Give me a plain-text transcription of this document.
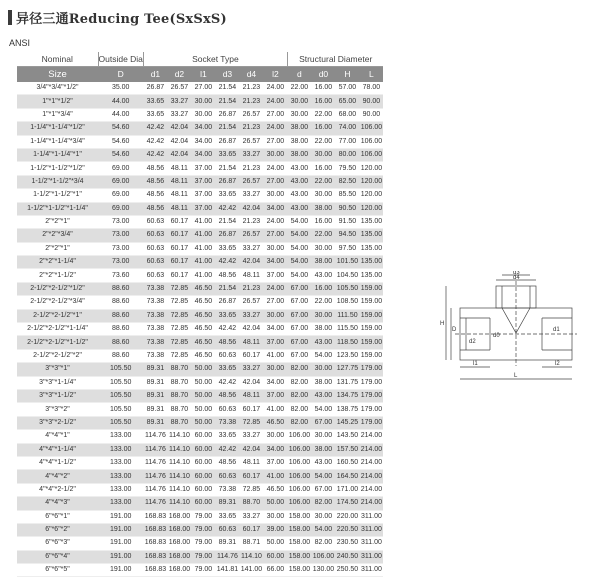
异径三通Reducing Tee(SxSxS)
ANSI
Nominal	Outside Dia	Socket Type						Structural Diameter			
Size	D	d1	d2	l1	d3	d4	l2	d	d0	H	L
3/4"*3/4"*1/2"	35.00	26.87	26.57	27.00	21.54	21.23	24.00	22.00	16.00	57.00	78.00
1"*1"*1/2"	44.00	33.65	33.27	30.00	21.54	21.23	24.00	30.00	16.00	65.00	90.00
1"*1"*3/4"	44.00	33.65	33.27	30.00	26.87	26.57	27.00	30.00	22.00	68.00	90.00
1-1/4"*1-1/4"*1/2"	54.60	42.42	42.04	34.00	21.54	21.23	24.00	38.00	16.00	74.00	106.00
1-1/4"*1-1/4"*3/4"	54.60	42.42	42.04	34.00	26.87	26.57	27.00	38.00	22.00	77.00	106.00
1-1/4"*1-1/4"*1"	54.60	42.42	42.04	34.00	33.65	33.27	30.00	38.00	30.00	80.00	106.00
1-1/2"*1-1/2"*1/2"	69.00	48.56	48.11	37.00	21.54	21.23	24.00	43.00	16.00	79.50	120.00
1-1/2"*1-1/2"*3/4	69.00	48.56	48.11	37.00	26.87	26.57	27.00	43.00	22.00	82.50	120.00
1-1/2"*1-1/2"*1"	69.00	48.56	48.11	37.00	33.65	33.27	30.00	43.00	30.00	85.50	120.00
1-1/2"*1-1/2"*1-1/4"	69.00	48.56	48.11	37.00	42.42	42.04	34.00	43.00	38.00	90.50	120.00
2"*2"*1"	73.00	60.63	60.17	41.00	21.54	21.23	24.00	54.00	16.00	91.50	135.00
2"*2"*3/4"	73.00	60.63	60.17	41.00	26.87	26.57	27.00	54.00	22.00	94.50	135.00
2"*2"*1"	73.00	60.63	60.17	41.00	33.65	33.27	30.00	54.00	30.00	97.50	135.00
2"*2"*1-1/4"	73.00	60.63	60.17	41.00	42.42	42.04	34.00	54.00	38.00	101.50	135.00
2"*2"*1-1/2"	73.60	60.63	60.17	41.00	48.56	48.11	37.00	54.00	43.00	104.50	135.00
2-1/2"*2-1/2"*1/2"	88.60	73.38	72.85	46.50	21.54	21.23	24.00	67.00	16.00	105.50	159.00
2-1/2"*2-1/2"*3/4"	88.60	73.38	72.85	46.50	26.87	26.57	27.00	67.00	22.00	108.50	159.00
2-1/2"*2-1/2"*1"	88.60	73.38	72.85	46.50	33.65	33.27	30.00	67.00	30.00	111.50	159.00
2-1/2"*2-1/2"*1-1/4"	88.60	73.38	72.85	46.50	42.42	42.04	34.00	67.00	38.00	115.50	159.00
2-1/2"*2-1/2"*1-1/2"	88.60	73.38	72.85	46.50	48.56	48.11	37.00	67.00	43.00	118.50	159.00
2-1/2"*2-1/2"*2"	88.60	73.38	72.85	46.50	60.63	60.17	41.00	67.00	54.00	123.50	159.00
3"*3"*1"	105.50	89.31	88.70	50.00	33.65	33.27	30.00	82.00	30.00	127.75	179.00
3"*3"*1-1/4"	105.50	89.31	88.70	50.00	42.42	42.04	34.00	82.00	38.00	131.75	179.00
3"*3"*1-1/2"	105.50	89.31	88.70	50.00	48.56	48.11	37.00	82.00	43.00	134.75	179.00
3"*3"*2"	105.50	89.31	88.70	50.00	60.63	60.17	41.00	82.00	54.00	138.75	179.00
3"*3"*2-1/2"	105.50	89.31	88.70	50.00	73.38	72.85	46.50	82.00	67.00	145.25	179.00
4"*4"*1"	133.00	114.76	114.10	60.00	33.65	33.27	30.00	106.00	30.00	143.50	214.00
4"*4"*1-1/4"	133.00	114.76	114.10	60.00	42.42	42.04	34.00	106.00	38.00	157.50	214.00
4"*4"*1-1/2"	133.00	114.76	114.10	60.00	48.56	48.11	37.00	106.00	43.00	160.50	214.00
4"*4"*2"	133.00	114.76	114.10	60.00	60.63	60.17	41.00	106.00	54.00	164.50	214.00
4"*4"*2-1/2"	133.00	114.76	114.10	60.00	73.38	72.85	46.50	106.00	67.00	171.00	214.00
4"*4"*3"	133.00	114.76	114.10	60.00	89.31	88.70	50.00	106.00	82.00	174.50	214.00
6"*6"*1"	191.00	168.83	168.00	79.00	33.65	33.27	30.00	158.00	30.00	220.00	311.00
6"*6"*2"	191.00	168.83	168.00	79.00	60.63	60.17	39.00	158.00	54.00	220.50	311.00
6"*6"*3"	191.00	168.83	168.00	79.00	89.31	88.71	50.00	158.00	82.00	230.50	311.00
6"*6"*4"	191.00	168.83	168.00	79.00	114.76	114.10	60.00	158.00	106.00	240.50	311.00
6"*6"*5"	191.00	168.83	168.00	79.00	141.81	141.00	66.00	158.00	130.00	250.50	311.00
d3
d4
H
D
d0
d1
d2
l1	l2
L
